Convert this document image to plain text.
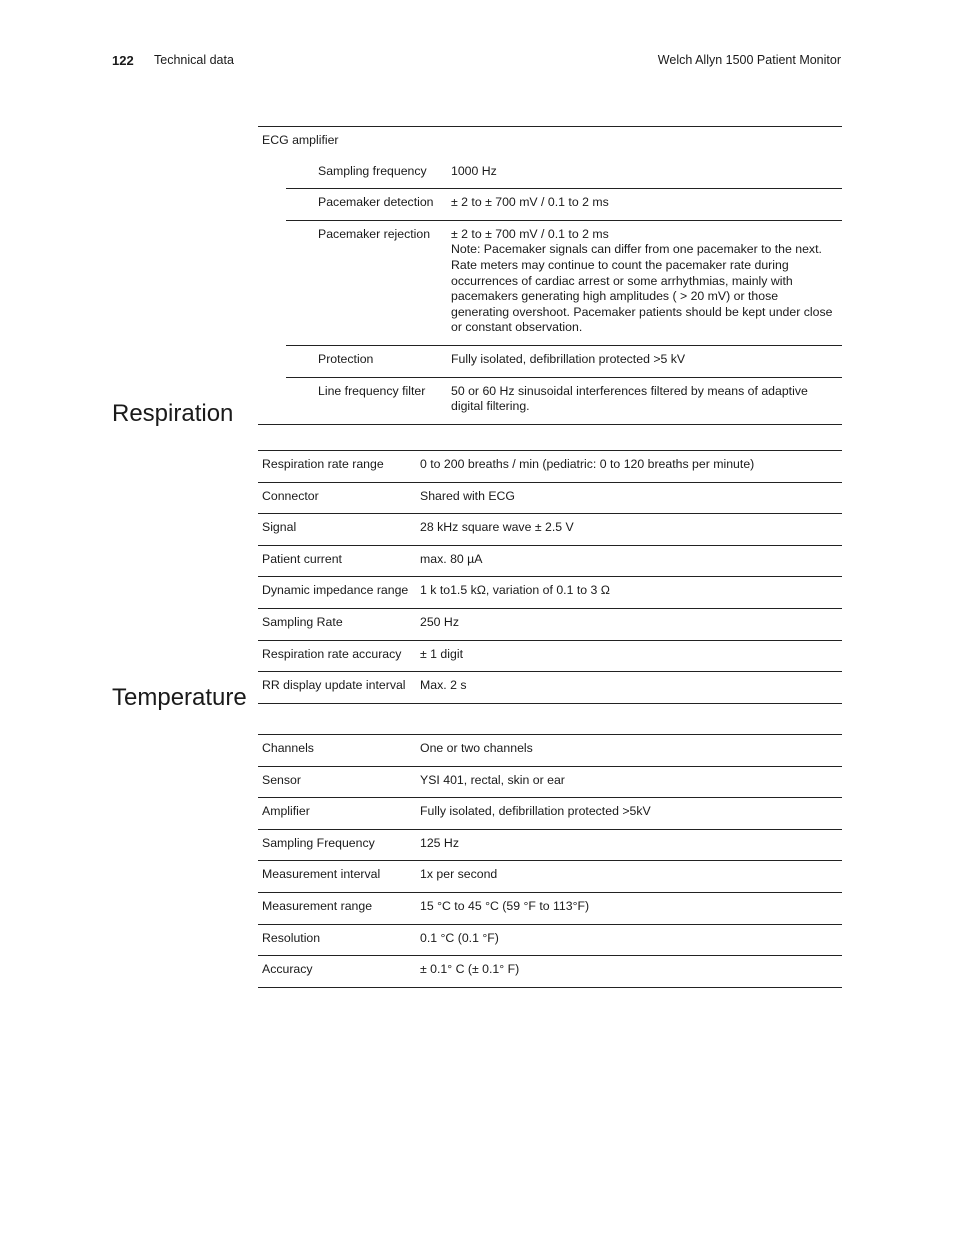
122 Technical data	Welch Allyn 1500 Patient Monitor
ECG amplifier		
	Sampling frequency	1000 Hz
	Pacemaker detection	± 2 to ± 700 mV / 0.1 to 2 ms
	Pacemaker rejection	± 2 to ± 700 mV / 0.1 to 2 ms
Note: Pacemaker signals can differ from one pacemaker to the next. Rate meters may continue to count the pacemaker rate during occurrences of cardiac arrest or some arrhythmias, mainly with pacemakers generating high amplitudes ( > 20 mV) or those generating overshoot. Pacemaker patients should be kept under close or constant observation.

	Protection	Fully isolated, defibrillation protected >5 kV
	Line frequency filter	50 or 60 Hz sinusoidal interferences filtered by means of adaptive digital filtering.
Respiration
Respiration rate range	0 to 200 breaths / min (pediatric: 0 to 120 breaths per minute)
Connector	Shared with ECG
Signal	28 kHz square wave ± 2.5 V
Patient current	max. 80 µA
Dynamic impedance range	1 k to1.5 kΩ, variation of 0.1 to 3 Ω
Sampling Rate	250 Hz
Respiration rate accuracy	± 1 digit
RR display update interval	Max. 2 s
Temperature
Channels	One or two channels
Sensor	YSI 401, rectal, skin or ear
Amplifier	Fully isolated, defibrillation protected >5kV
Sampling Frequency	125 Hz
Measurement interval	1x per second
Measurement range	15 °C to 45 °C (59 °F to 113°F)
Resolution	0.1 °C (0.1 °F)
Accuracy	± 0.1° C (± 0.1° F)
